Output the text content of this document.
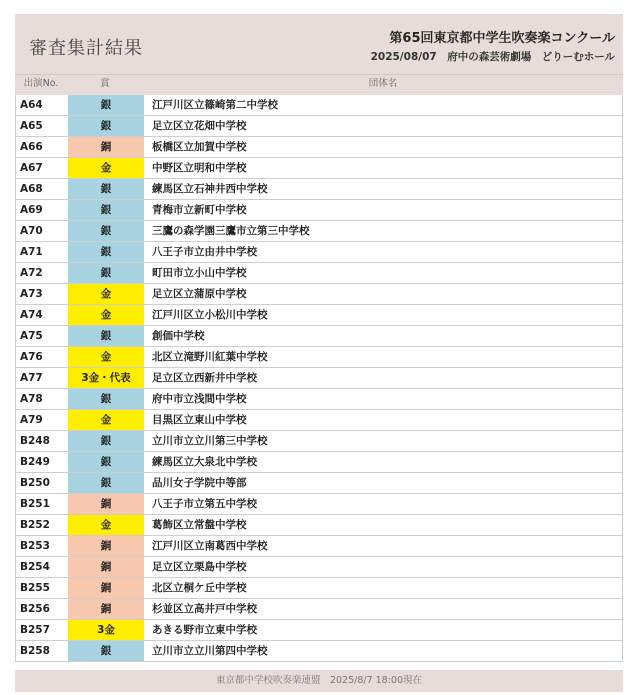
審査集計結果	第65回東京都中学生吹奏楽コンクール
2025/08/07　府中の森芸術劇場　どりーむホール
出演No.	賞	団体名
A64	銀	江戸川区立篠崎第二中学校
A65	銀	足立区立花畑中学校
A66	銅	板橋区立加賀中学校
A67	金	中野区立明和中学校
A68	銀	練馬区立石神井西中学校
A69	銀	青梅市立新町中学校
A70	銀	三鷹の森学園三鷹市立第三中学校
A71	銀	八王子市立由井中学校
A72	銀	町田市立小山中学校
A73	金	足立区立蒲原中学校
A74	金	江戸川区立小松川中学校
A75	銀	創価中学校
A76	金	北区立滝野川紅葉中学校
A77	3金・代表	足立区立西新井中学校
A78	銀	府中市立浅間中学校
A79	金	目黒区立東山中学校
B248	銀	立川市立立川第三中学校
B249	銀	練馬区立大泉北中学校
B250	銀	品川女子学院中等部
B251	銅	八王子市立第五中学校
B252	金	葛飾区立常盤中学校
B253	銅	江戸川区立南葛西中学校
B254	銅	足立区立栗島中学校
B255	銅	北区立桐ケ丘中学校
B256	銅	杉並区立高井戸中学校
B257	3金	あきる野市立東中学校
B258	銀	立川市立立川第四中学校
東京都中学校吹奏楽連盟　2025/8/7 18:00現在
